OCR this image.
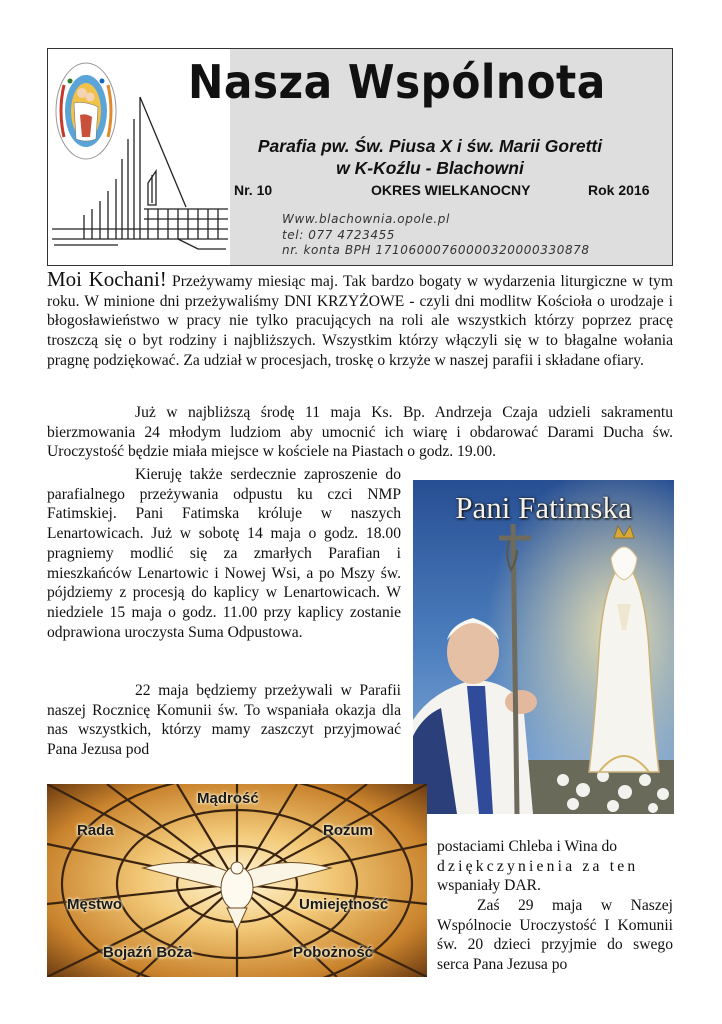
Nasza Wspólnota
Parafia pw. Św. Piusa X i św. Marii Goretti
w K-Koźlu - Blachowni
Nr. 10	OKRES WIELKANOCNY	Rok 2016
Www.blachownia.opole.pl
tel: 077 4723455
nr. konta BPH 17106000760000320000330878
Moi Kochani! Przeżywamy miesiąc maj. Tak bardzo bogaty w wydarzenia liturgiczne w tym roku. W minione dni przeżywaliśmy DNI KRZYŻOWE - czyli dni modlitw Kościoła o urodzaje i błogosławieństwo w pracy nie tylko pracujących na roli ale wszystkich którzy poprzez pracę troszczą się o byt rodziny i najbliższych. Wszystkim którzy włączyli się w to błagalne wołania pragnę podziękować. Za udział w procesjach, troskę o krzyże w naszej parafii i składane ofiary.
Już w najbliższą środę 11 maja Ks. Bp. Andrzeja Czaja udzieli sakramentu bierzmowania 24 młodym ludziom aby umocnić ich wiarę i obdarować Darami Ducha św. Uroczystość będzie miała miejsce w kościele na Piastach o godz. 19.00.
Kieruję także serdecznie zaproszenie do parafialnego przeżywania odpustu ku czci NMP Fatimskiej. Pani Fatimska króluje w naszych Lenartowicach. Już w sobotę 14 maja o godz. 18.00 pragniemy modlić się za zmarłych Parafian i mieszkańców Lenartowic i Nowej Wsi, a po Mszy św. pójdziemy z procesją do kaplicy w Lenartowicach. W niedziele 15 maja o godz. 11.00 przy kaplicy zostanie odprawiona uroczysta Suma Odpustowa.
22 maja będziemy przeżywali w Parafii naszej Rocznicę Komunii św. To wspaniała okazja dla nas wszystkich, którzy mamy zaszczyt przyjmować Pana Jezusa pod
postaciami Chleba i Wina do
dziękczynienia za ten
wspaniały DAR.
Zaś 29 maja w Naszej Wspólnocie Uroczystość I Komunii św. 20 dzieci przyjmie do swego serca Pana Jezusa po
Pani Fatimska
Mądrość
Rada	Rozum
Męstwo	Umiejętność
Bojaźń Boża	Pobożność
